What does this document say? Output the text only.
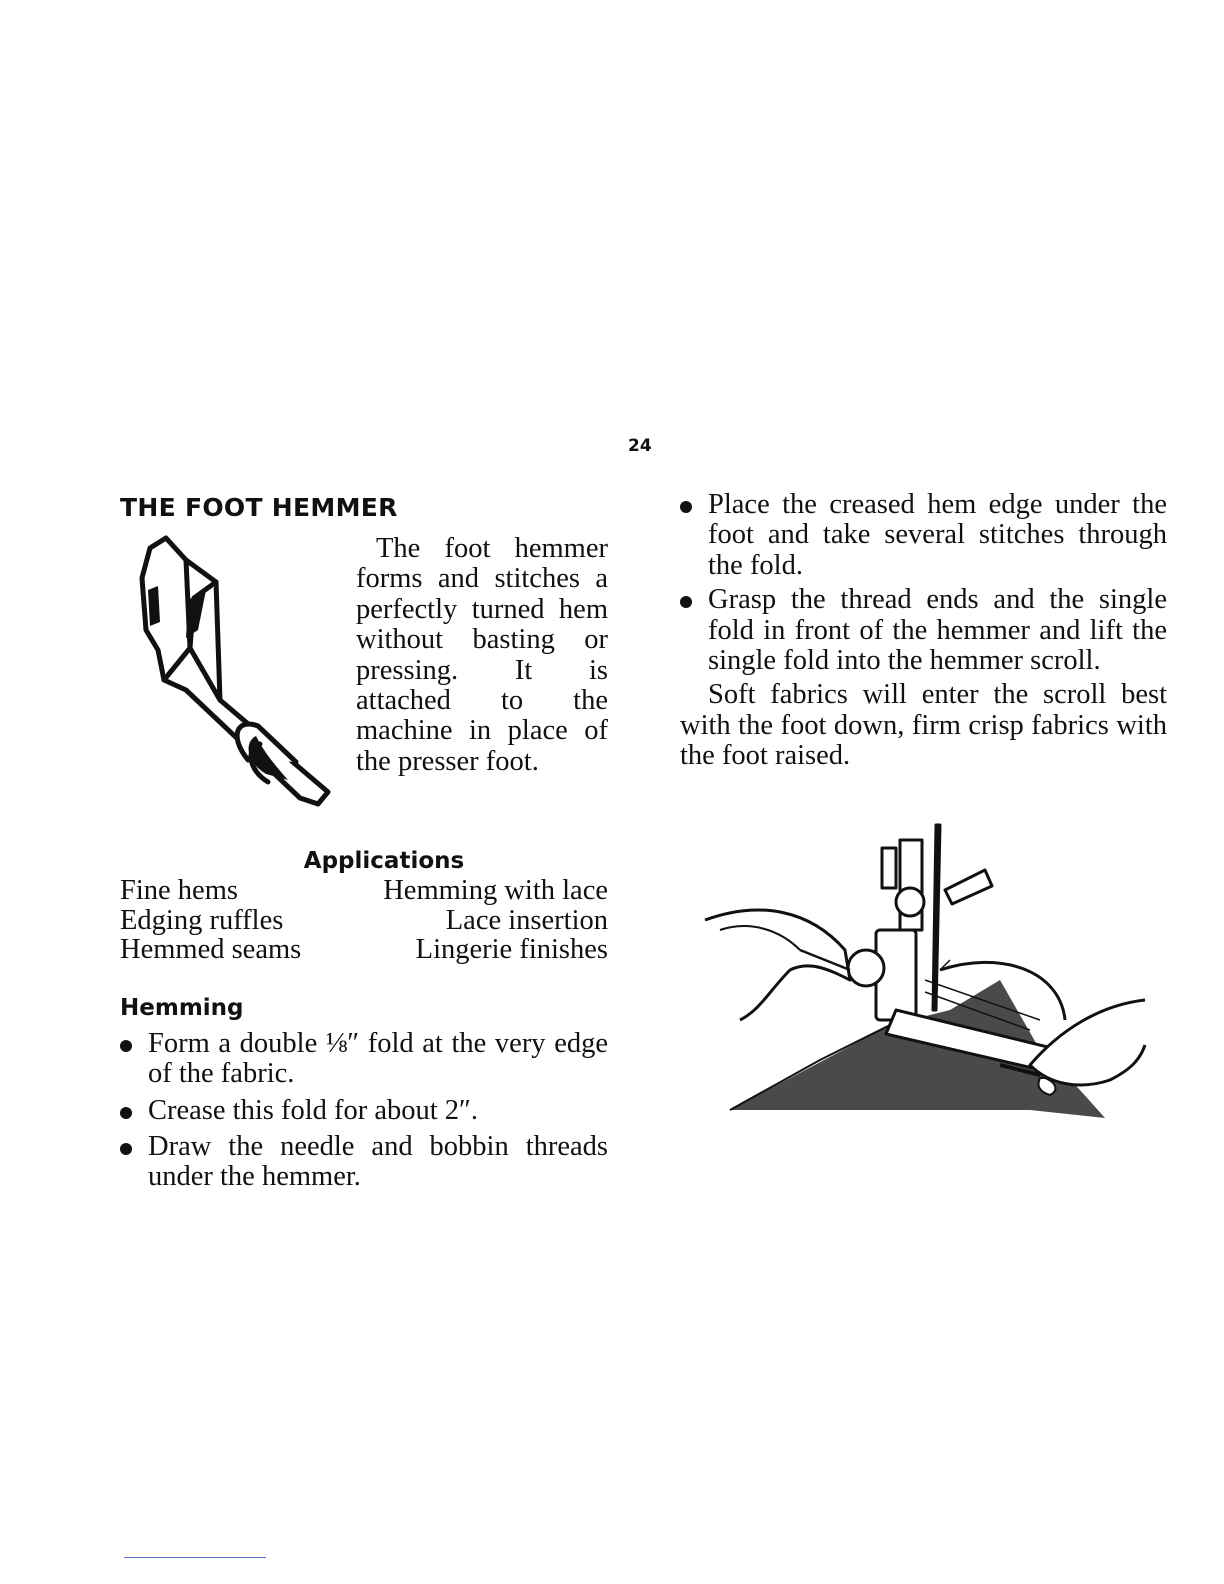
24
THE FOOT HEMMER

The foot hemmer forms and stitches a perfectly turned hem without basting or pressing. It is attached to the machine in place of the presser foot.

Applications
Fine hems	Hemming with lace
Edging ruffles	Lace insertion
Hemmed seams	Lingerie finishes
Hemming
Form a double ⅛″ fold at the very edge of the fabric.
Crease this fold for about 2″.
Draw the needle and bobbin threads under the hemmer.
Place the creased hem edge under the foot and take several stitches through the fold.
Grasp the thread ends and the single fold in front of the hemmer and lift the single fold into the hemmer scroll.

Soft fabrics will enter the scroll best with the foot down, firm crisp fabrics with the foot raised.
